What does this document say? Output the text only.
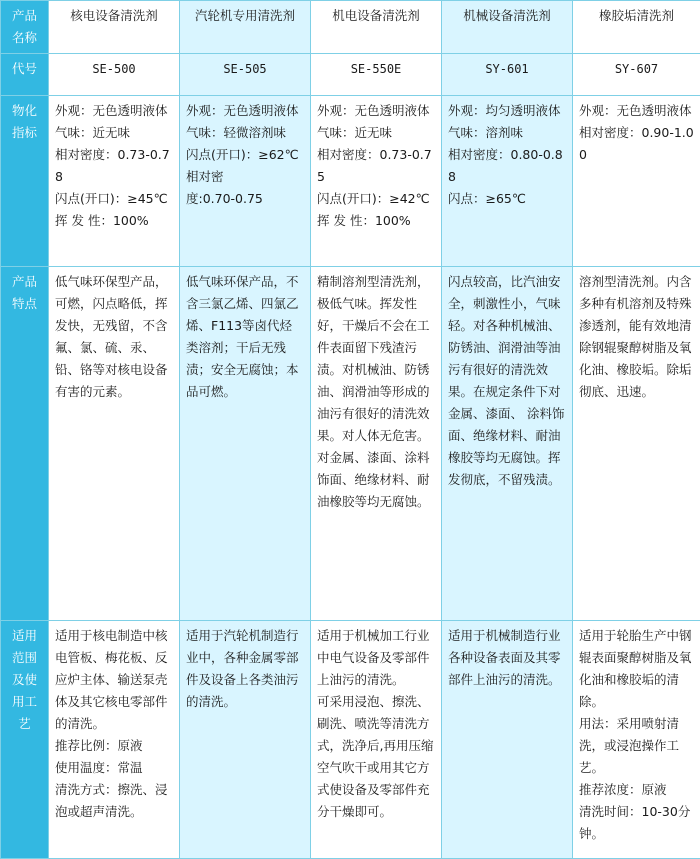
产品名称	核电设备清洗剂	汽轮机专用清洗剂	机电设备清洗剂	机械设备清洗剂	橡胶垢清洗剂
代号	SE-500	SE-505	SE-550E	SY-601	SY-607
物化指标	外观：无色透明液体
气味：近无味
相对密度：0.73-0.78
闪点(开口)：≥45℃
挥 发 性：100%	外观：无色透明液体
气味：轻微溶剂味
闪点(开口)：≥62℃
相对密
度:0.70-0.75	外观：无色透明液体
气味：近无味
相对密度：0.73-0.75
闪点(开口)：≥42℃
挥 发 性：100%	外观：均匀透明液体
气味：溶剂味
相对密度：0.80-0.88
闪点：≥65℃	外观：无色透明液体
相对密度：0.90-1.00

产品特点	低气味环保型产品，可燃，闪点略低，挥发快，无残留，不含氟、氯、硫、汞、铅、铬等对核电设备有害的元素。	低气味环保产品，不含三氯乙烯、四氯乙烯、F113等卤代烃类溶剂；干后无残渍；安全无腐蚀；本品可燃。	精制溶剂型清洗剂，极低气味。挥发性好，干燥后不会在工件表面留下残渣污渍。对机械油、防锈油、润滑油等形成的油污有很好的清洗效果。对人体无危害。对金属、漆面、涂料饰面、绝缘材料、耐油橡胶等均无腐蚀。	闪点较高，比汽油安全，刺激性小，气味轻。对各种机械油、防锈油、润滑油等油污有很好的清洗效果。在规定条件下对金属、漆面、 涂料饰面、绝缘材料、耐油橡胶等均无腐蚀。挥发彻底，不留残渍。	溶剂型清洗剂。内含多种有机溶剂及特殊渗透剂，能有效地清除钢辊聚醇树脂及氧化油、橡胶垢。除垢彻底、迅速。
适用范围及使用工艺	适用于核电制造中核电管板、梅花板、反应炉主体、输送泵壳体及其它核电零部件的清洗。
推荐比例：原液
使用温度：常温
清洗方式：擦洗、浸泡或超声清洗。	适用于汽轮机制造行业中，各种金属零部件及设备上各类油污的清洗。	适用于机械加工行业中电气设备及零部件上油污的清洗。
可采用浸泡、擦洗、刷洗、喷洗等清洗方式，洗净后,再用压缩空气吹干或用其它方式使设备及零部件充分干燥即可。	适用于机械制造行业各种设备表面及其零部件上油污的清洗。	适用于轮胎生产中钢辊表面聚醇树脂及氧化油和橡胶垢的清除。
用法：采用喷射清洗，或浸泡操作工艺。
推荐浓度：原液
清洗时间：10-30分钟。
